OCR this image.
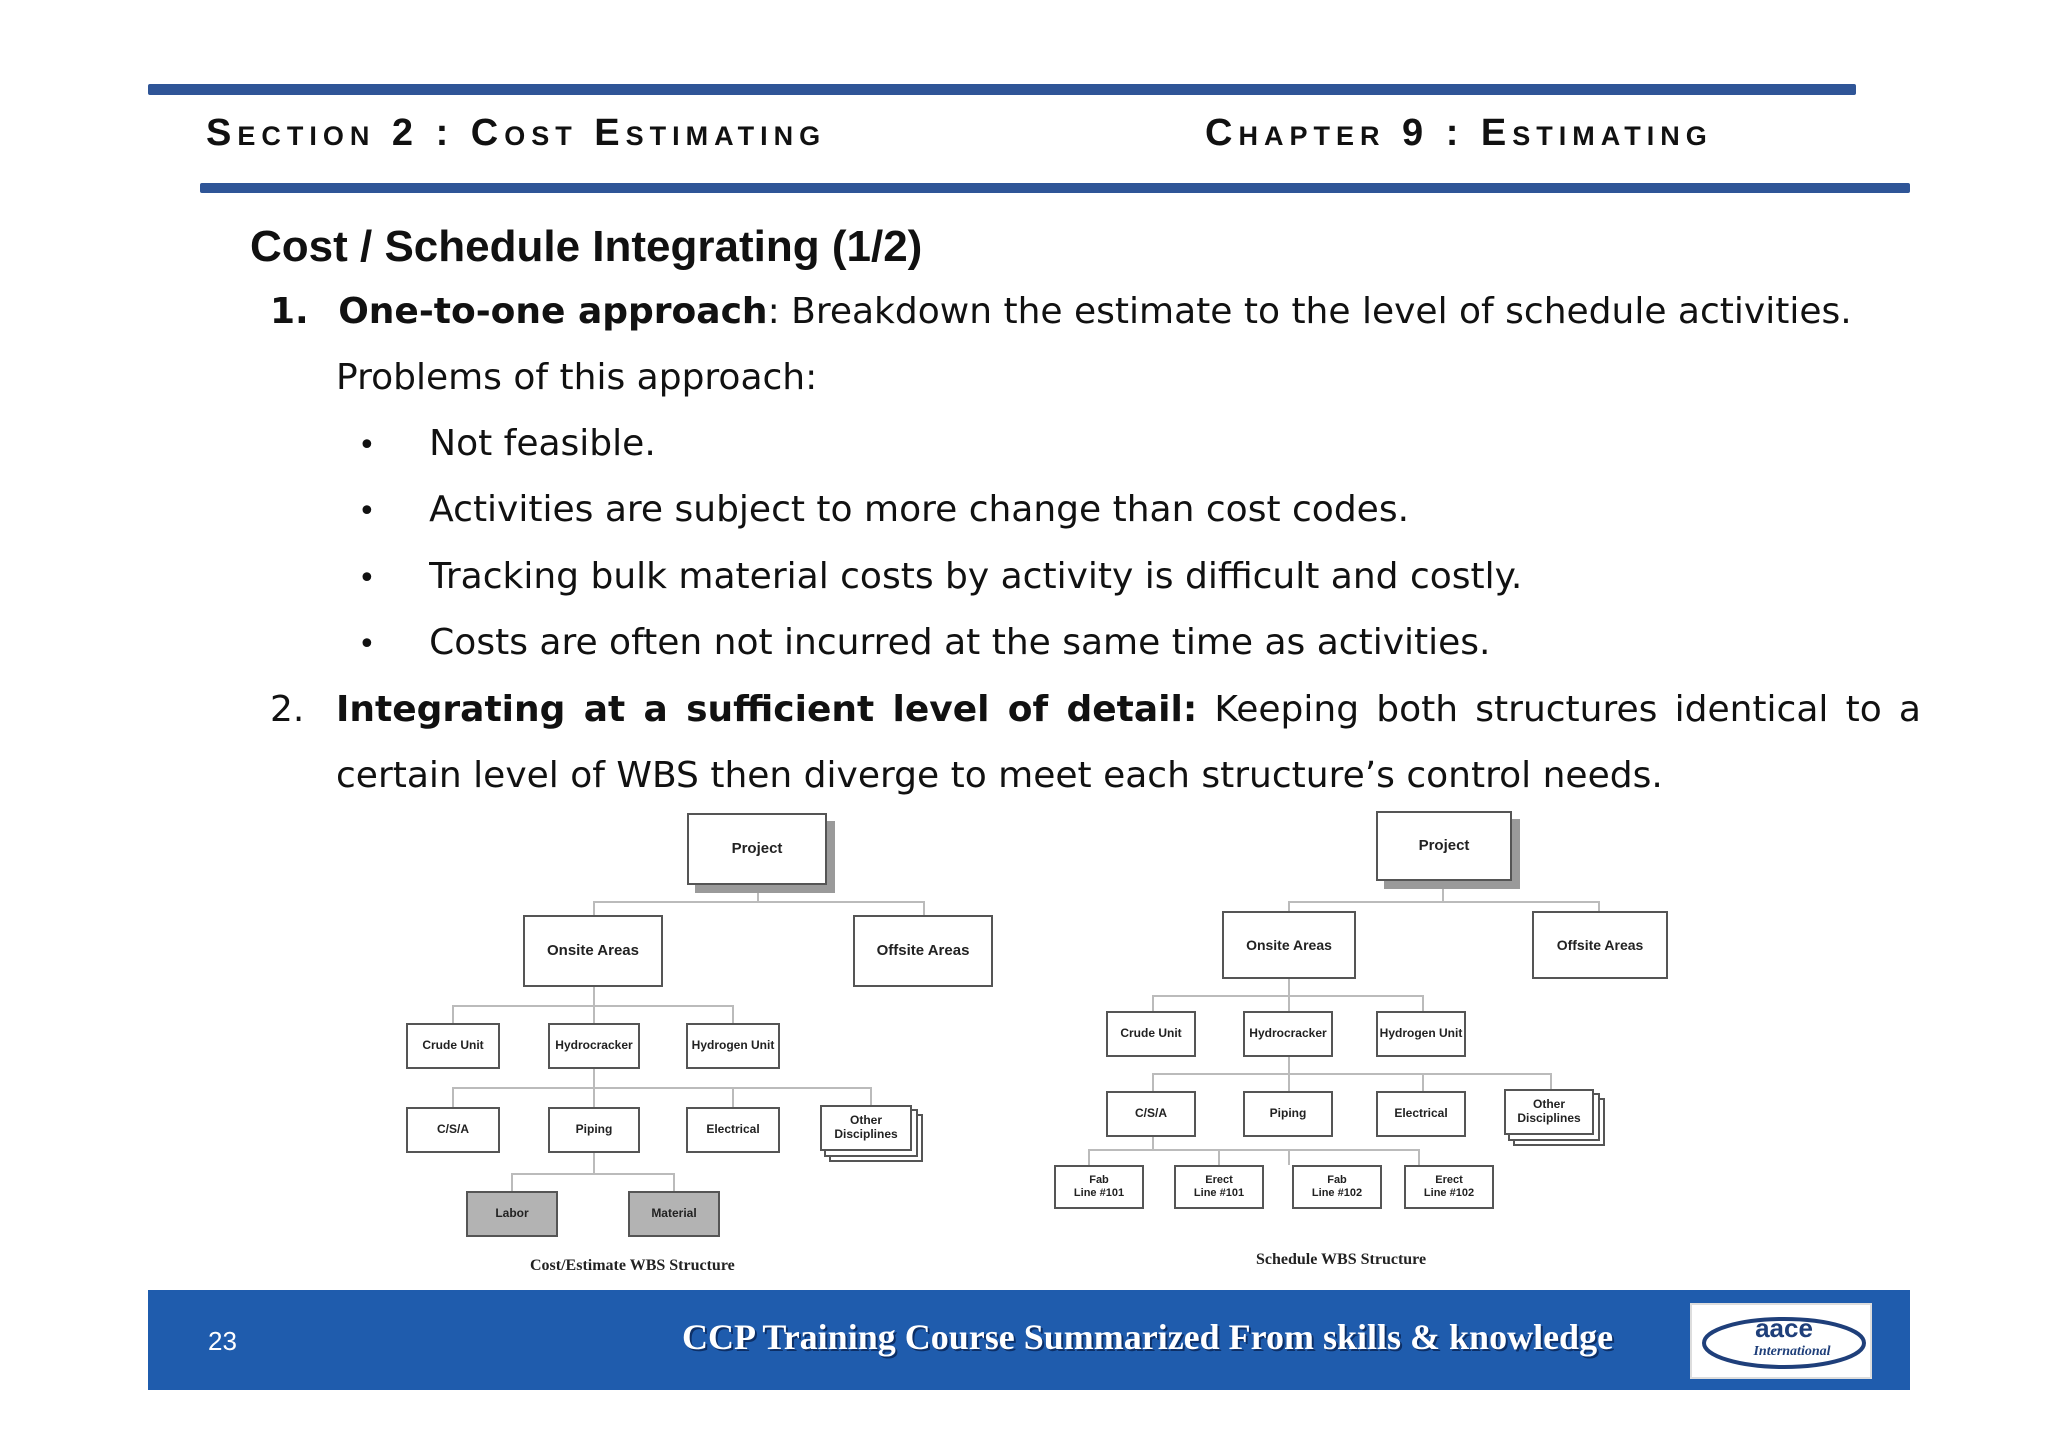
Section 2 : Cost Estimating	Chapter 9 : Estimating
Cost / Schedule Integrating (1/2)
1. One-to-one approach: Breakdown the estimate to the level of schedule activities.
Problems of this approach:
• Not feasible.
• Activities are subject to more change than cost codes.
• Tracking bulk material costs by activity is difficult and costly.
• Costs are often not incurred at the same time as activities.
2. Integrating at a sufficient level of detail: Keeping both structures identical to a
certain level of WBS then diverge to meet each structure’s control needs.
Project
Onsite Areas	Offsite Areas
Crude Unit	Hydrocracker	Hydrogen Unit
C/S/A	Piping	Electrical
Other Disciplines
Labor	Material
Cost/Estimate WBS Structure
Project
Onsite Areas	Offsite Areas
Crude Unit	Hydrocracker	Hydrogen Unit
C/S/A	Piping	Electrical
Other Disciplines
Fab
Line #101
Erect
Line #101
Fab
Line #102
Erect
Line #102
Schedule WBS Structure
23	CCP Training Course Summarized From skills & knowledge	aace
International
